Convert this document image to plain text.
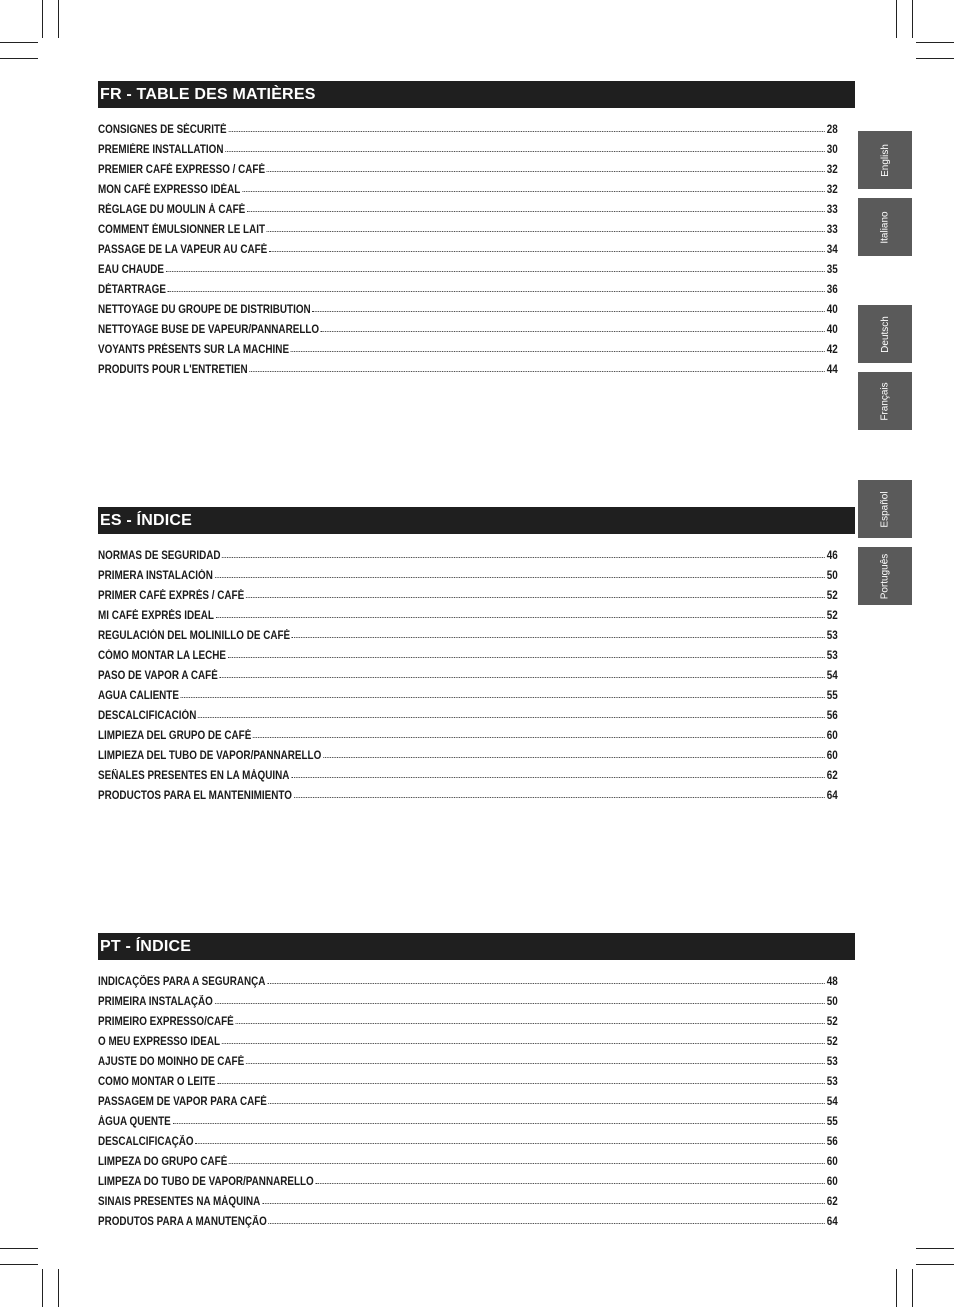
FR - TABLE DES MATIÈRES
CONSIGNES DE SÉCURITÉ	28
PREMIÈRE INSTALLATION	30
PREMIER CAFÉ EXPRESSO / CAFÉ	32
MON CAFÉ EXPRESSO IDÉAL	32
RÉGLAGE DU MOULIN À CAFÉ	33
COMMENT ÉMULSIONNER LE LAIT	33
PASSAGE DE LA VAPEUR AU CAFÉ	34
EAU CHAUDE	35
DÉTARTRAGE	36
NETTOYAGE DU GROUPE DE DISTRIBUTION	40
NETTOYAGE BUSE DE VAPEUR/PANNARELLO	40
VOYANTS PRÉSENTS SUR LA MACHINE	42
PRODUITS POUR L'ENTRETIEN	44
ES - ÍNDICE
NORMAS DE SEGURIDAD	46
PRIMERA INSTALACIÓN	50
PRIMER CAFÉ EXPRÉS / CAFÉ	52
MI CAFÉ EXPRÉS IDEAL	52
REGULACIÓN DEL MOLINILLO DE CAFÉ	53
CÓMO MONTAR LA LECHE	53
PASO DE VAPOR A CAFÉ	54
AGUA CALIENTE	55
DESCALCIFICACIÓN	56
LIMPIEZA DEL GRUPO DE CAFÉ	60
LIMPIEZA DEL TUBO DE VAPOR/PANNARELLO	60
SEÑALES PRESENTES EN LA MÁQUINA	62
PRODUCTOS PARA EL MANTENIMIENTO	64
PT - ÍNDICE
INDICAÇÕES PARA A SEGURANÇA	48
PRIMEIRA INSTALAÇÃO	50
PRIMEIRO EXPRESSO/CAFÉ	52
O MEU EXPRESSO IDEAL	52
AJUSTE DO MOINHO DE CAFÉ	53
COMO MONTAR O LEITE	53
PASSAGEM DE VAPOR PARA CAFÉ	54
ÁGUA QUENTE	55
DESCALCIFICAÇÃO	56
LIMPEZA DO GRUPO CAFÉ	60
LIMPEZA DO TUBO DE VAPOR/PANNARELLO	60
SINAIS PRESENTES NA MÁQUINA	62
PRODUTOS PARA A MANUTENÇÃO	64
English
Italiano
Deutsch
Français
Español
Português
